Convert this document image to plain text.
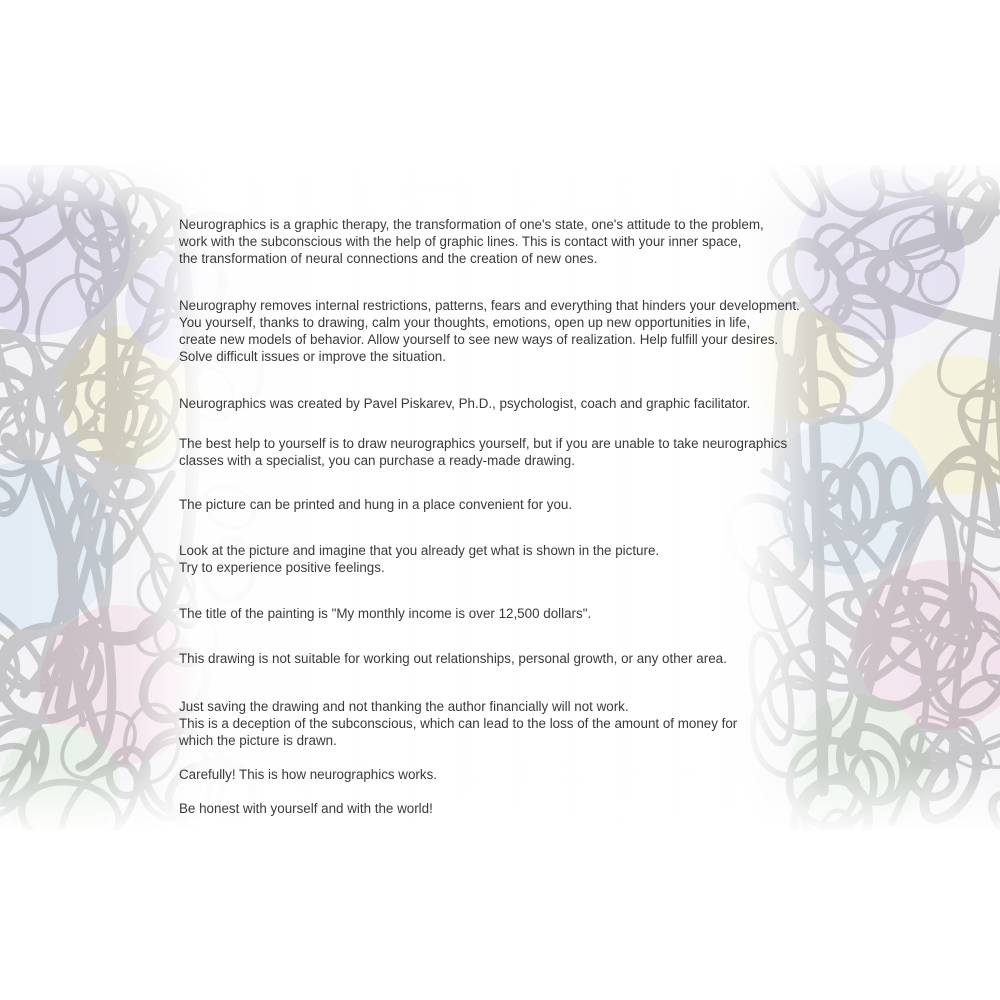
Neurographics is a graphic therapy, the transformation of one's state, one's attitude to the problem,
work with the subconscious with the help of graphic lines. This is contact with your inner space,
the transformation of neural connections and the creation of new ones.
Neurography removes internal restrictions, patterns, fears and everything that hinders your development.
You yourself, thanks to drawing, calm your thoughts, emotions, open up new opportunities in life,
create new models of behavior. Allow yourself to see new ways of realization. Help fulfill your desires.
Solve difficult issues or improve the situation.
Neurographics was created by Pavel Piskarev, Ph.D., psychologist, coach and graphic facilitator.
The best help to yourself is to draw neurographics yourself, but if you are unable to take neurographics
classes with a specialist, you can purchase a ready-made drawing.
The picture can be printed and hung in a place convenient for you.
Look at the picture and imagine that you already get what is shown in the picture.
Try to experience positive feelings.
The title of the painting is "My monthly income is over 12,500 dollars".
This drawing is not suitable for working out relationships, personal growth, or any other area.
Just saving the drawing and not thanking the author financially will not work.
This is a deception of the subconscious, which can lead to the loss of the amount of money for
which the picture is drawn.
Carefully! This is how neurographics works.
Be honest with yourself and with the world!
